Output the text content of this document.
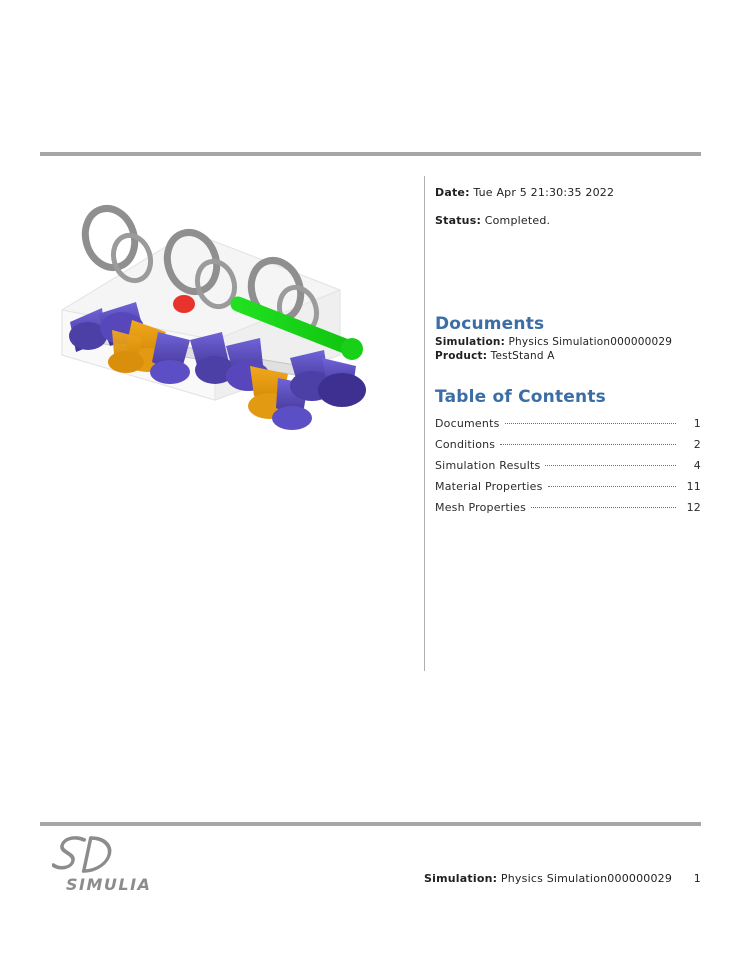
Date: Tue Apr 5 21:30:35 2022
Status: Completed.
Documents
Simulation: Physics Simulation000000029
Product: TestStand A
Table of Contents
Documents	1
Conditions	2
Simulation Results	4
Material Properties	11
Mesh Properties	12
SIMULIA	Simulation: Physics Simulation000000029 1
